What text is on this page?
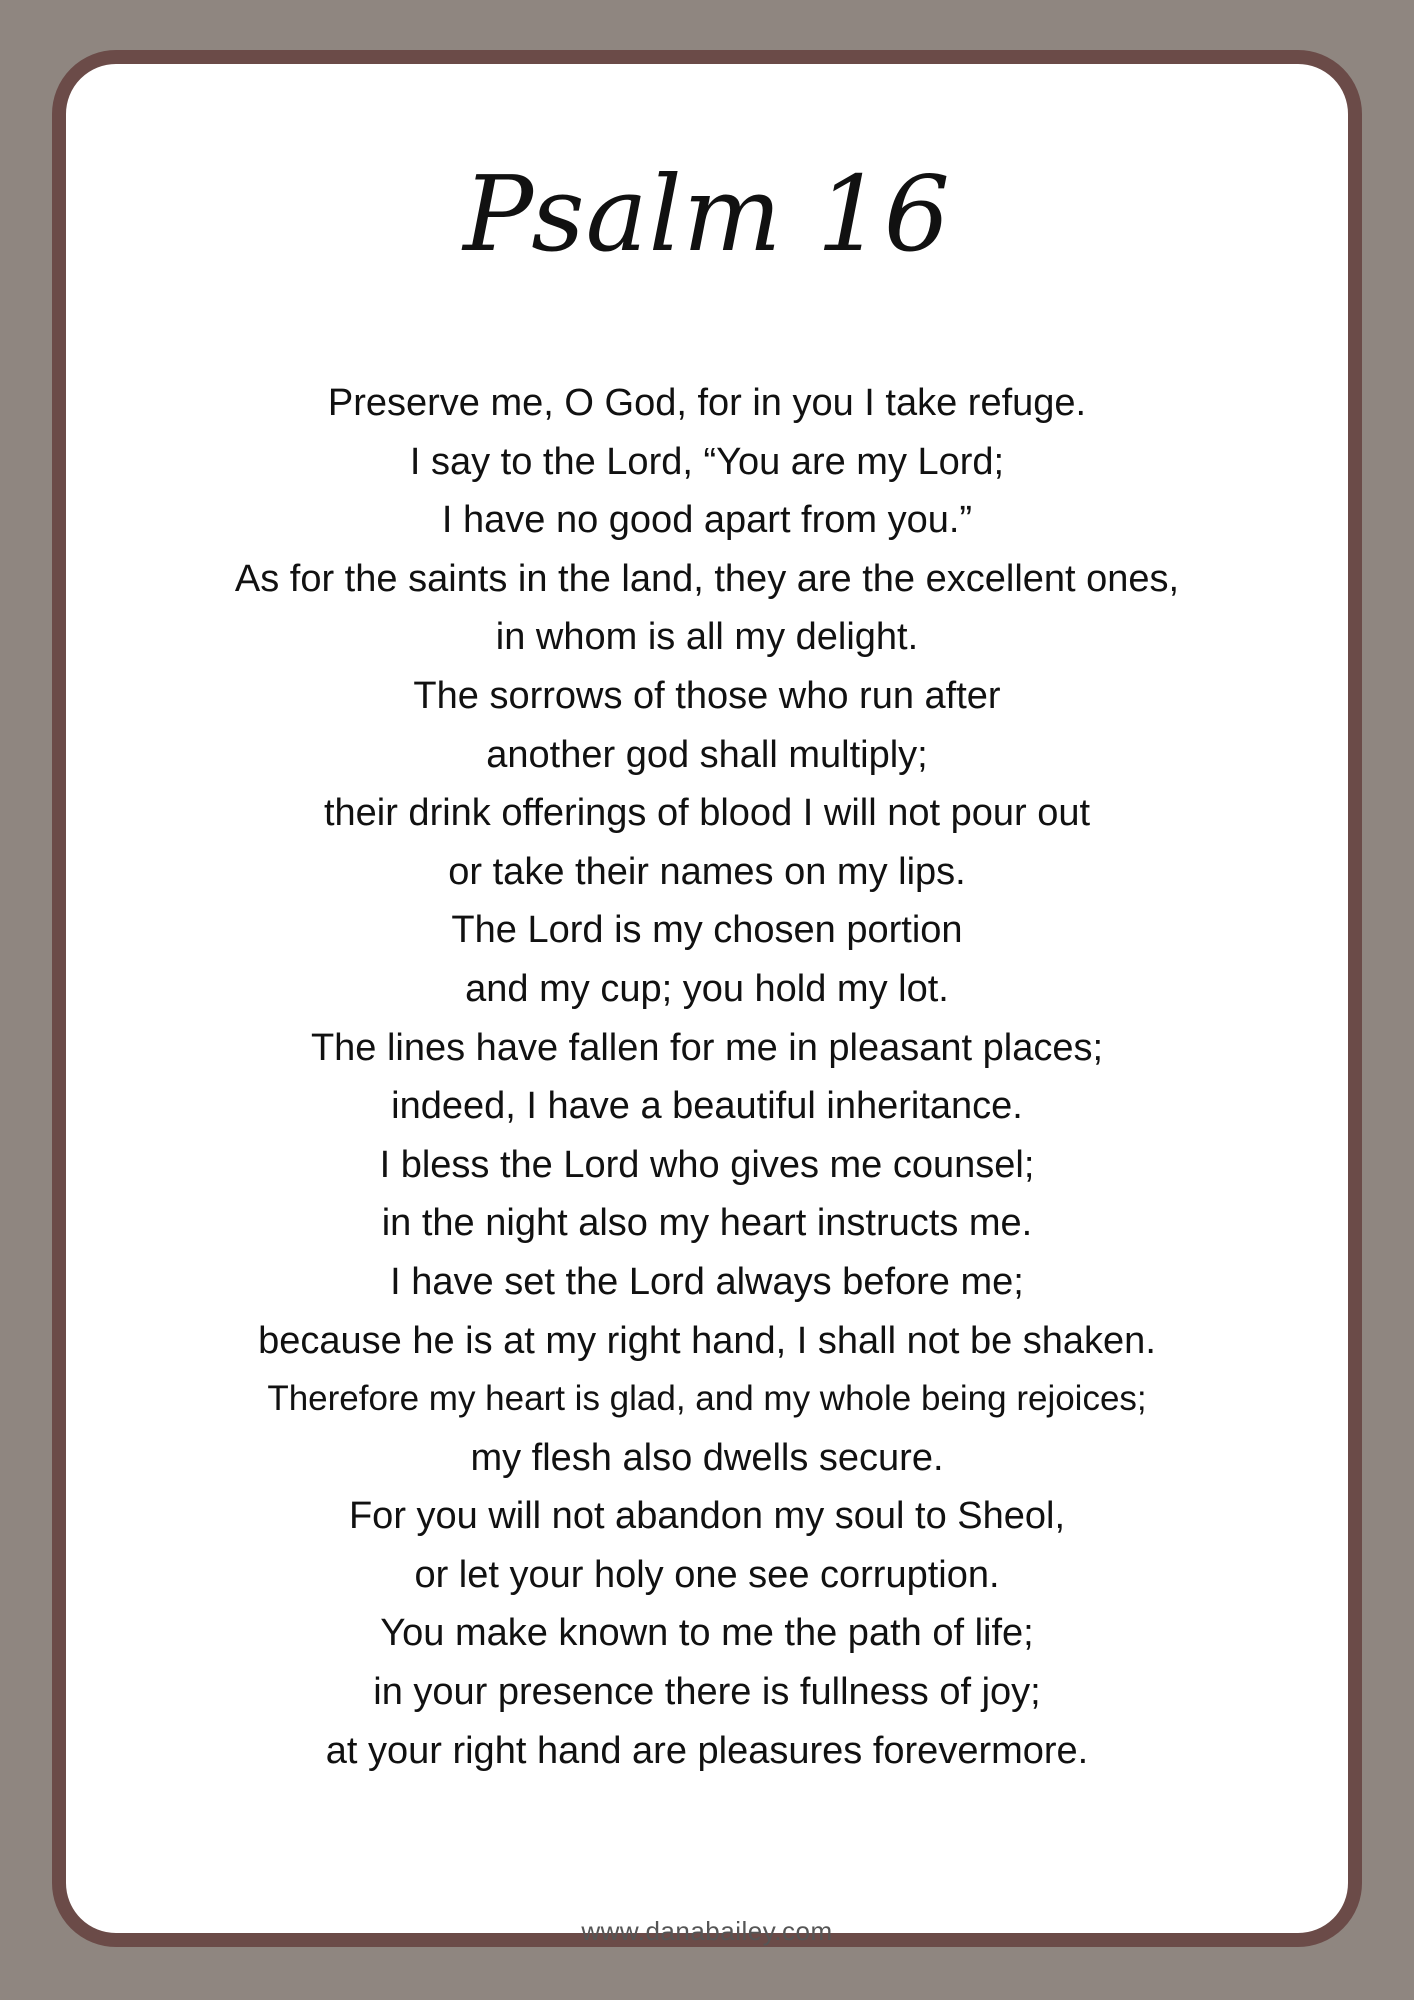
Psalm 16
Preserve me, O God, for in you I take refuge.
I say to the Lord, “You are my Lord;
I have no good apart from you.”
As for the saints in the land, they are the excellent ones,
in whom is all my delight.
The sorrows of those who run after
another god shall multiply;
their drink offerings of blood I will not pour out
or take their names on my lips.
The Lord is my chosen portion
and my cup; you hold my lot.
The lines have fallen for me in pleasant places;
indeed, I have a beautiful inheritance.
I bless the Lord who gives me counsel;
in the night also my heart instructs me.
I have set the Lord always before me;
because he is at my right hand, I shall not be shaken.
Therefore my heart is glad, and my whole being rejoices;
my flesh also dwells secure.
For you will not abandon my soul to Sheol,
or let your holy one see corruption.
You make known to me the path of life;
in your presence there is fullness of joy;
at your right hand are pleasures forevermore.
www.danabailey.com
